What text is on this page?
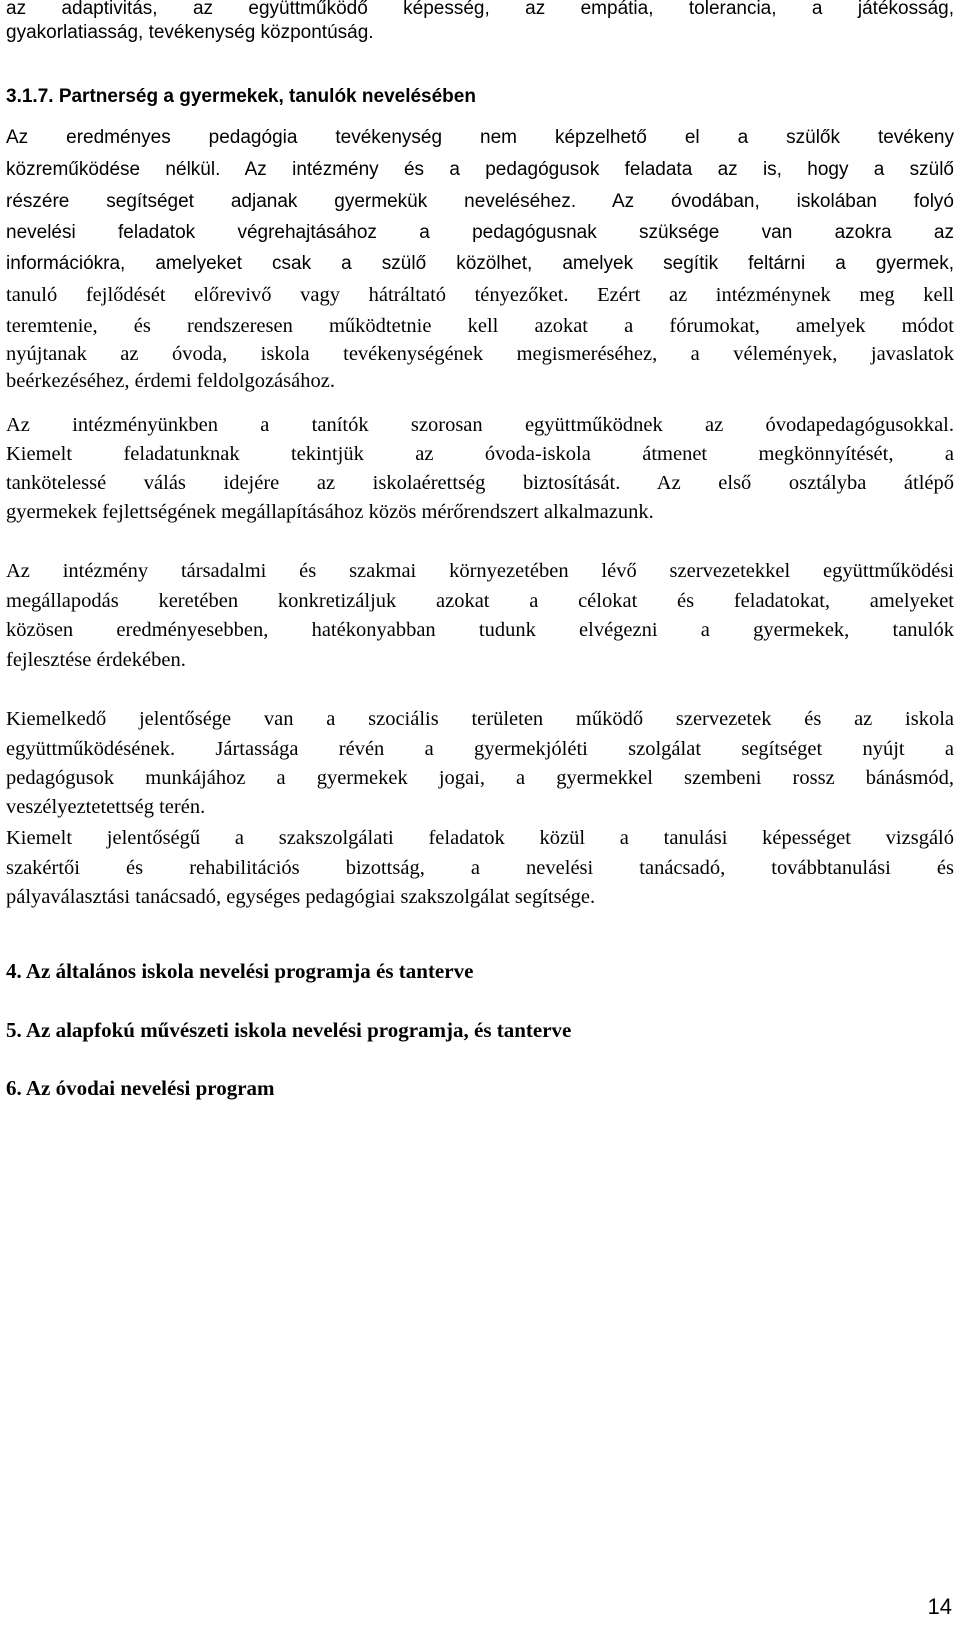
az adaptivitás, az együttműködő képesség, az empátia, tolerancia, a játékosság,
gyakorlatiasság, tevékenység központúság.
3.1.7. Partnerség a gyermekek, tanulók nevelésében
Az eredményes pedagógia tevékenység nem képzelhető el a szülők tevékeny
közreműködése nélkül. Az intézmény és a pedagógusok feladata az is, hogy a szülő
részére segítséget adjanak gyermekük neveléséhez. Az óvodában, iskolában folyó
nevelési feladatok végrehajtásához a pedagógusnak szüksége van azokra az
információkra, amelyeket csak a szülő közölhet, amelyek segítik feltárni a gyermek,
tanuló fejlődését előrevivő vagy hátráltató tényezőket. Ezért az intézménynek meg kell
teremtenie, és rendszeresen működtetnie kell azokat a fórumokat, amelyek módot
nyújtanak az óvoda, iskola tevékenységének megismeréséhez, a vélemények, javaslatok
beérkezéséhez, érdemi feldolgozásához.
Az intézményünkben a tanítók szorosan együttműködnek az óvodapedagógusokkal.
Kiemelt feladatunknak tekintjük az óvoda-iskola átmenet megkönnyítését, a
tankötelessé válás idejére az iskolaérettség biztosítását. Az első osztályba átlépő
gyermekek fejlettségének megállapításához közös mérőrendszert alkalmazunk.
Az intézmény társadalmi és szakmai környezetében lévő szervezetekkel együttműködési
megállapodás keretében konkretizáljuk azokat a célokat és feladatokat, amelyeket
közösen eredményesebben, hatékonyabban tudunk elvégezni a gyermekek, tanulók
fejlesztése érdekében.
Kiemelkedő jelentősége van a szociális területen működő szervezetek és az iskola
együttműködésének. Jártassága révén a gyermekjóléti szolgálat segítséget nyújt a
pedagógusok munkájához a gyermekek jogai, a gyermekkel szembeni rossz bánásmód,
veszélyeztetettség terén.
Kiemelt jelentőségű a szakszolgálati feladatok közül a tanulási képességet vizsgáló
szakértői és rehabilitációs bizottság, a nevelési tanácsadó, továbbtanulási és
pályaválasztási tanácsadó, egységes pedagógiai szakszolgálat segítsége.
4. Az általános iskola nevelési programja és tanterve
5. Az alapfokú művészeti iskola nevelési programja, és tanterve
6. Az óvodai nevelési program
14
